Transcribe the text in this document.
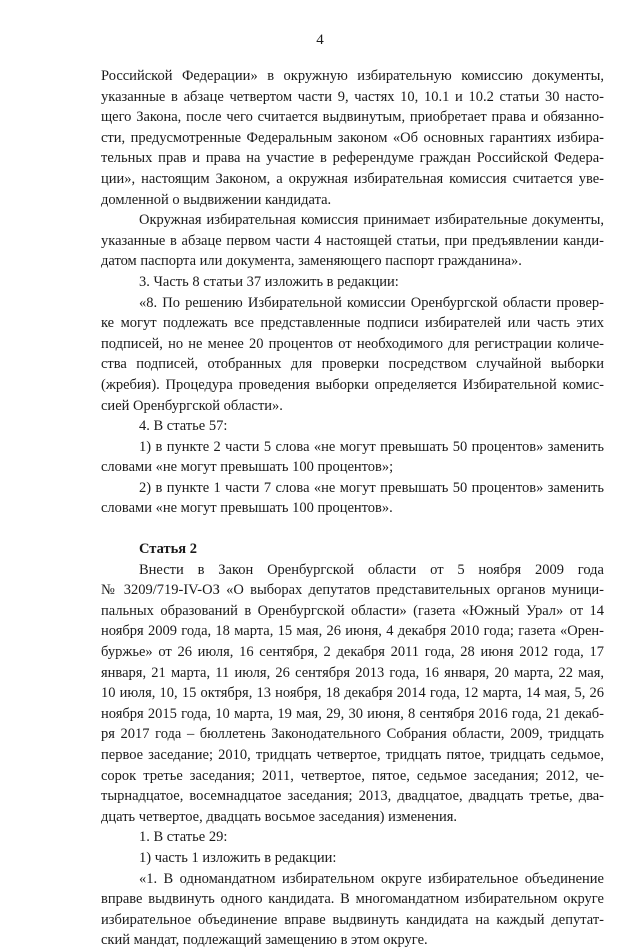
4

Российской Федерации» в окружную избирательную комиссию документы,

указанные в абзаце четвертом части 9, частях 10, 10.1 и 10.2 статьи 30 насто-

щего Закона, после чего считается выдвинутым, приобретает права и обязанно-

сти, предусмотренные Федеральным законом «Об основных гарантиях избира-

тельных прав и права на участие в референдуме граждан Российской Федера-

ции», настоящим Законом, а окружная избирательная комиссия считается уве-

домленной о выдвижении кандидата.

Окружная избирательная комиссия принимает избирательные документы,

указанные в абзаце первом части 4 настоящей статьи, при предъявлении канди-

датом паспорта или документа, заменяющего паспорт гражданина».

3. Часть 8 статьи 37 изложить в редакции:

«8. По решению Избирательной комиссии Оренбургской области провер-

ке могут подлежать все представленные подписи избирателей или часть этих

подписей, но не менее 20 процентов от необходимого для регистрации количе-

ства подписей, отобранных для проверки посредством случайной выборки

(жребия). Процедура проведения выборки определяется Избирательной комис-

сией Оренбургской области».

4. В статье 57:

1) в пункте 2 части 5 слова «не могут превышать 50 процентов» заменить

словами «не могут превышать 100 процентов»;

2) в пункте 1 части 7 слова «не могут превышать 50 процентов» заменить

словами «не могут превышать 100 процентов».

Статья 2

Внести в Закон Оренбургской области от 5 ноября 2009 года

№ 3209/719-IV-ОЗ «О выборах депутатов представительных органов муници-

пальных образований в Оренбургской области» (газета «Южный Урал» от 14

ноября 2009 года, 18 марта, 15 мая, 26 июня, 4 декабря 2010 года; газета «Орен-

буржье» от 26 июля, 16 сентября, 2 декабря 2011 года, 28 июня 2012 года, 17

января, 21 марта, 11 июля, 26 сентября 2013 года, 16 января, 20 марта, 22 мая,

10 июля, 10, 15 октября, 13 ноября, 18 декабря 2014 года, 12 марта, 14 мая, 5, 26

ноября 2015 года, 10 марта, 19 мая, 29, 30 июня, 8 сентября 2016 года, 21 декаб-

ря 2017 года – бюллетень Законодательного Собрания области, 2009, тридцать

первое заседание; 2010, тридцать четвертое, тридцать пятое, тридцать седьмое,

сорок третье заседания; 2011, четвертое, пятое, седьмое заседания; 2012, че-

тырнадцатое, восемнадцатое заседания; 2013, двадцатое, двадцать третье, два-

дцать четвертое, двадцать восьмое заседания) изменения.

1. В статье 29:

1) часть 1 изложить в редакции:

«1. В одномандатном избирательном округе избирательное объединение

вправе выдвинуть одного кандидата. В многомандатном избирательном округе

избирательное объединение вправе выдвинуть кандидата на каждый депутат-

ский мандат, подлежащий замещению в этом округе.
